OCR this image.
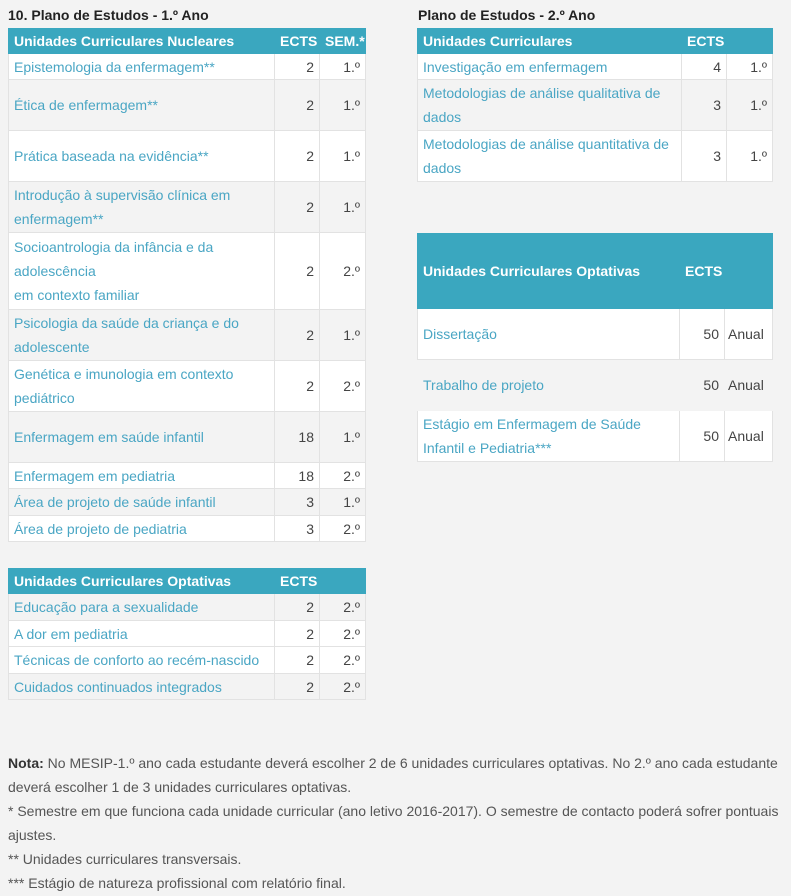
10. Plano de Estudos - 1.º Ano	Plano de Estudos - 2.º Ano
Unidades Curriculares Nucleares	ECTS	SEM.*
Epistemologia da enfermagem**	2	1.º
Ética de enfermagem**	2	1.º
Prática baseada na evidência**	2	1.º
Introdução à supervisão clínica em enfermagem**	2	1.º
Socioantrologia da infância e da adolescência
em contexto familiar	2	2.º
Psicologia da saúde da criança e do adolescente	2	1.º
Genética e imunologia em contexto pediátrico	2	2.º
Enfermagem em saúde infantil	18	1.º
Enfermagem em pediatria	18	2.º
Área de projeto de saúde infantil	3	1.º
Área de projeto de pediatria	3	2.º
Unidades Curriculares Optativas	ECTS	
Educação para a sexualidade	2	2.º
A dor em pediatria	2	2.º
Técnicas de conforto ao recém-nascido	2	2.º
Cuidados continuados integrados	2	2.º
Unidades Curriculares	ECTS	
Investigação em enfermagem	4	1.º
Metodologias de análise qualitativa de dados	3	1.º
Metodologias de análise quantitativa de dados	3	1.º
Unidades Curriculares Optativas	ECTS	
Dissertação	50	Anual
Trabalho de projeto	50	Anual
Estágio em Enfermagem de Saúde Infantil e Pediatria***	50	Anual
Nota: No MESIP-1.º ano cada estudante deverá escolher 2 de 6 unidades curriculares optativas. No 2.º ano cada estudante deverá escolher 1 de 3 unidades curriculares optativas.
* Semestre em que funciona cada unidade curricular (ano letivo 2016-2017). O semestre de contacto poderá sofrer pontuais ajustes.
** Unidades curriculares transversais.
*** Estágio de natureza profissional com relatório final.
